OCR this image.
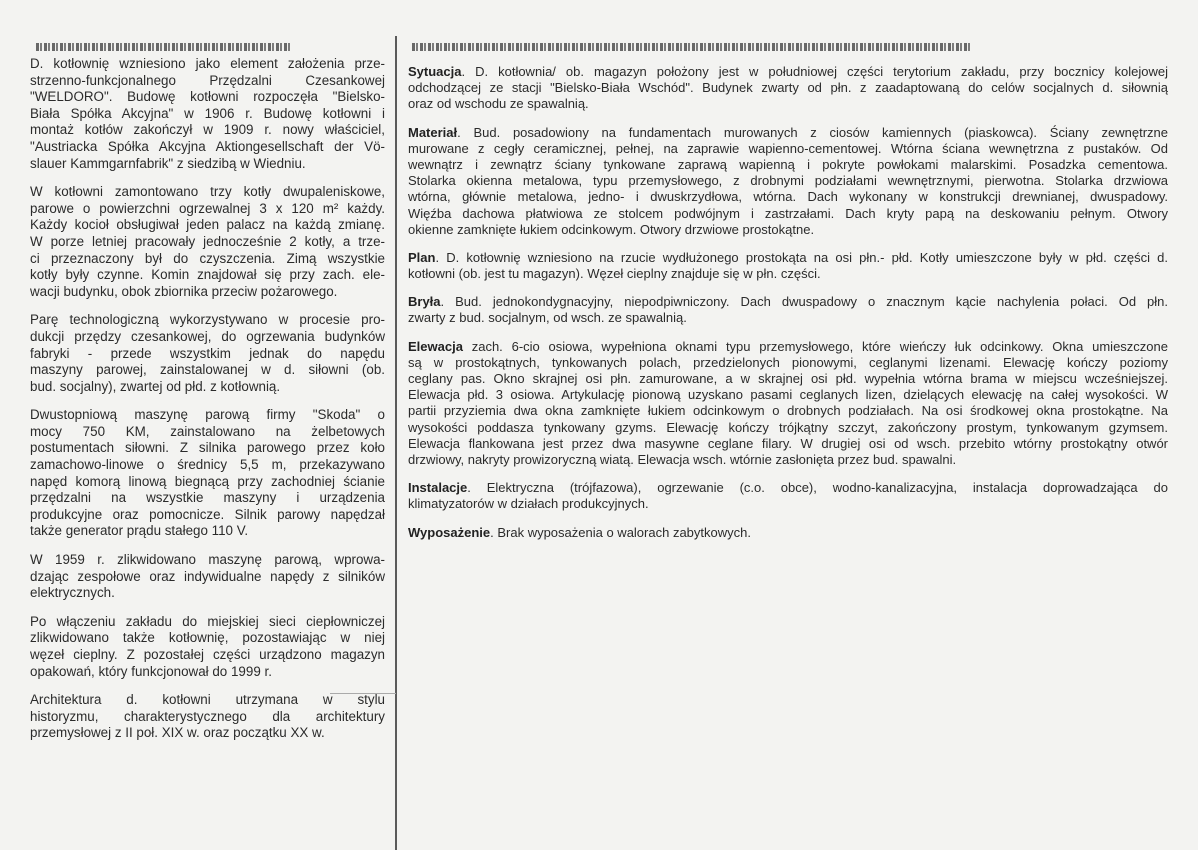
D. kotłownię wzniesiono jako element założenia prze-
strzenno-funkcjonalnego Przędzalni Czesankowej
"WELDORO". Budowę kotłowni rozpoczęła "Bielsko-
Biała Spółka Akcyjna" w 1906 r. Budowę kotłowni i
montaż kotłów zakończył w 1909 r. nowy właściciel,
"Austriacka Spółka Akcyjna Aktiongesellschaft der Vö-
slauer Kammgarnfabrik" z siedzibą w Wiedniu.
W kotłowni zamontowano trzy kotły dwupaleniskowe,
parowe o powierzchni ogrzewalnej 3 x 120 m² każdy.
Każdy kocioł obsługiwał jeden palacz na każdą zmianę.
W porze letniej pracowały jednocześnie 2 kotły, a trze-
ci przeznaczony był do czyszczenia. Zimą wszystkie
kotły były czynne. Komin znajdował się przy zach. ele-
wacji budynku, obok zbiornika przeciw pożarowego.
Parę technologiczną wykorzystywano w procesie pro-
dukcji przędzy czesankowej, do ogrzewania budynków
fabryki - przede wszystkim jednak do napędu
maszyny parowej, zainstalowanej w d. siłowni (ob.
bud. socjalny), zwartej od płd. z kotłownią.
Dwustopniową maszynę parową firmy "Skoda" o
mocy 750 KM, zainstalowano na żelbetowych
postumentach siłowni. Z silnika parowego przez koło
zamachowo-linowe o średnicy 5,5 m, przekazywano
napęd komorą linową biegnącą przy zachodniej ścianie
przędzalni na wszystkie maszyny i urządzenia
produkcyjne oraz pomocnicze. Silnik parowy napędzał
także generator prądu stałego 110 V.
W 1959 r. zlikwidowano maszynę parową, wprowa-
dzając zespołowe oraz indywidualne napędy z silników
elektrycznych.
Po włączeniu zakładu do miejskiej sieci ciepłowniczej
zlikwidowano także kotłownię, pozostawiając w niej
węzeł cieplny. Z pozostałej części urządzono magazyn
opakowań, który funkcjonował do 1999 r.
Architektura d. kotłowni utrzymana w stylu
historyzmu, charakterystycznego dla architektury
przemysłowej z II poł. XIX w. oraz początku XX w.
Sytuacja. D. kotłownia/ ob. magazyn położony jest w południowej części terytorium zakładu, przy bocznicy kolejowej
odchodzącej ze stacji "Bielsko-Biała Wschód". Budynek zwarty od płn. z zaadaptowaną do celów socjalnych d. siłownią
oraz od wschodu ze spawalnią.
Materiał. Bud. posadowiony na fundamentach murowanych z ciosów kamiennych (piaskowca). Ściany zewnętrzne
murowane z cegły ceramicznej, pełnej, na zaprawie wapienno-cementowej. Wtórna ściana wewnętrzna z pustaków. Od
wewnątrz i zewnątrz ściany tynkowane zaprawą wapienną i pokryte powłokami malarskimi. Posadzka cementowa.
Stolarka okienna metalowa, typu przemysłowego, z drobnymi podziałami wewnętrznymi, pierwotna. Stolarka drzwiowa
wtórna, głównie metalowa, jedno- i dwuskrzydłowa, wtórna. Dach wykonany w konstrukcji drewnianej, dwuspadowy.
Więźba dachowa płatwiowa ze stolcem podwójnym i zastrzałami. Dach kryty papą na deskowaniu pełnym. Otwory
okienne zamknięte łukiem odcinkowym. Otwory drzwiowe prostokątne.
Plan. D. kotłownię wzniesiono na rzucie wydłużonego prostokąta na osi płn.- płd. Kotły umieszczone były w płd. części d.
kotłowni (ob. jest tu magazyn). Węzeł cieplny znajduje się w płn. części.
Bryła. Bud. jednokondygnacyjny, niepodpiwniczony. Dach dwuspadowy o znacznym kącie nachylenia połaci. Od płn.
zwarty z bud. socjalnym, od wsch. ze spawalnią.
Elewacja zach. 6-cio osiowa, wypełniona oknami typu przemysłowego, które wieńczy łuk odcinkowy. Okna umieszczone
są w prostokątnych, tynkowanych polach, przedzielonych pionowymi, ceglanymi lizenami. Elewację kończy poziomy
ceglany pas. Okno skrajnej osi płn. zamurowane, a w skrajnej osi płd. wypełnia wtórna brama w miejscu wcześniejszej.
Elewacja płd. 3 osiowa. Artykulację pionową uzyskano pasami ceglanych lizen, dzielących elewację na całej wysokości. W
partii przyziemia dwa okna zamknięte łukiem odcinkowym o drobnych podziałach. Na osi środkowej okna prostokątne. Na
wysokości poddasza tynkowany gzyms. Elewację kończy trójkątny szczyt, zakończony prostym, tynkowanym gzymsem.
Elewacja flankowana jest przez dwa masywne ceglane filary. W drugiej osi od wsch. przebito wtórny prostokątny otwór
drzwiowy, nakryty prowizoryczną wiatą. Elewacja wsch. wtórnie zasłonięta przez bud. spawalni.
Instalacje. Elektryczna (trójfazowa), ogrzewanie (c.o. obce), wodno-kanalizacyjna, instalacja doprowadzająca do
klimatyzatorów w działach produkcyjnych.
Wyposażenie. Brak wyposażenia o walorach zabytkowych.
